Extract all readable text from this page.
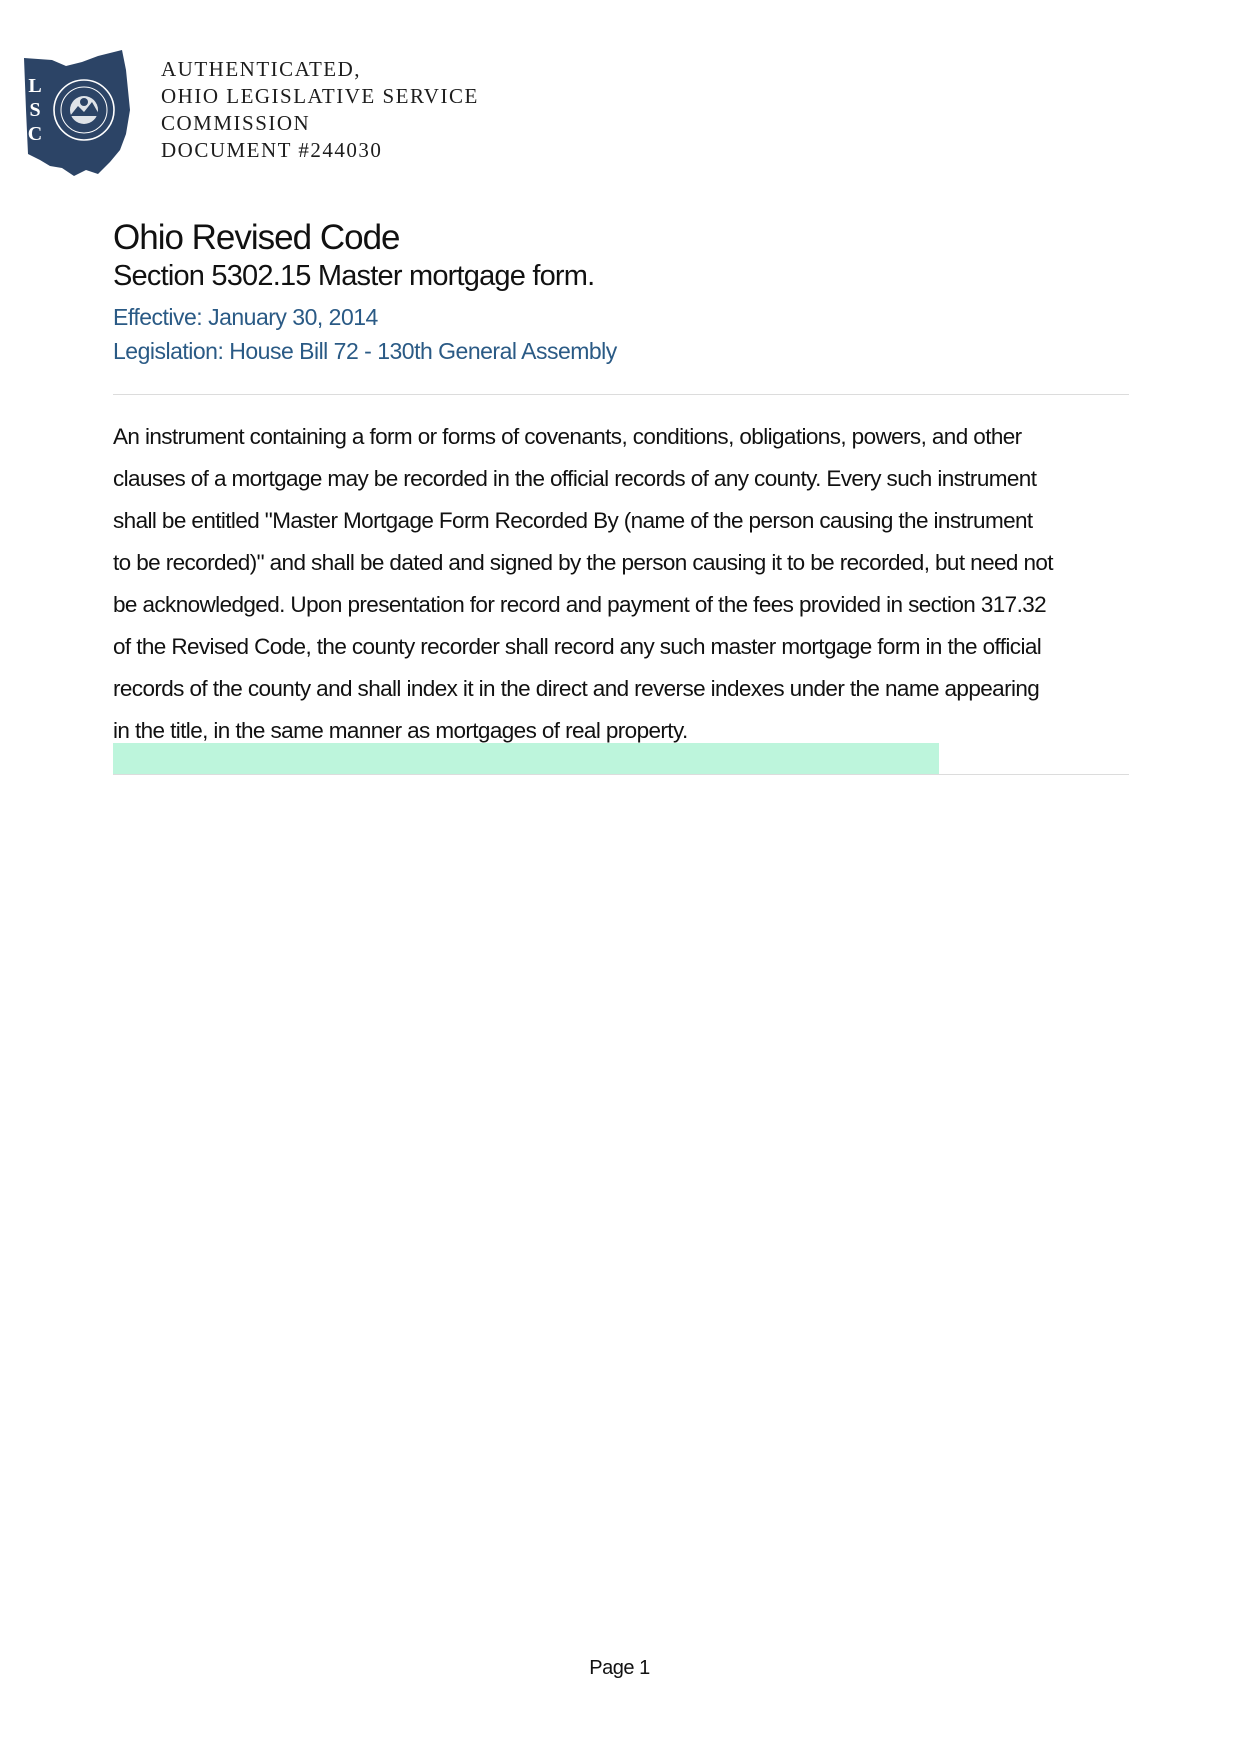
L
S
C
AUTHENTICATED,
OHIO LEGISLATIVE SERVICE
COMMISSION
DOCUMENT #244030
Ohio Revised Code
Section 5302.15 Master mortgage form.
Effective: January 30, 2014
Legislation: House Bill 72 - 130th General Assembly
An instrument containing a form or forms of covenants, conditions, obligations, powers, and other
clauses of a mortgage may be recorded in the official records of any county. Every such instrument
shall be entitled "Master Mortgage Form Recorded By (name of the person causing the instrument
to be recorded)" and shall be dated and signed by the person causing it to be recorded, but need not
be acknowledged. Upon presentation for record and payment of the fees provided in section 317.32
of the Revised Code, the county recorder shall record any such master mortgage form in the official
records of the county and shall index it in the direct and reverse indexes under the name appearing
in the title, in the same manner as mortgages of real property.
Page 1
